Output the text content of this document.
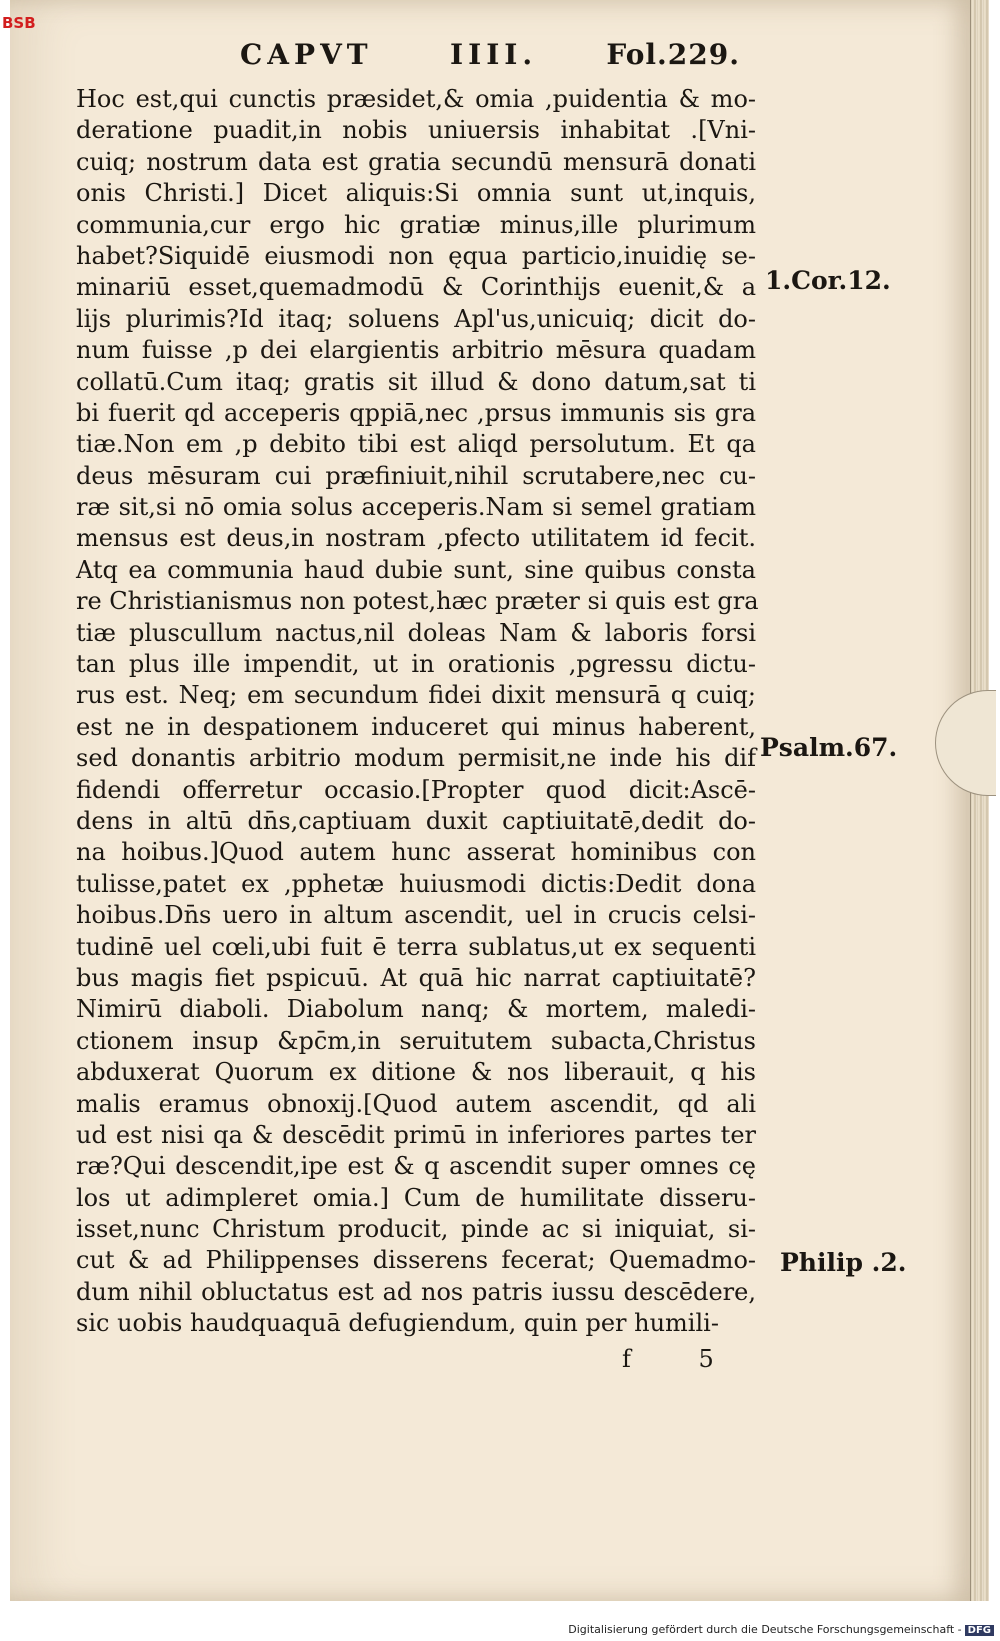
BSB
CAPVT	IIII. Fol.229.
Hoc est,qui cunctis præsidet,& omia ,puidentia & mo-
deratione puadit,in nobis uniuersis inhabitat .[Vni-
cuiq; nostrum data est gratia secundū mensurā donati
onis Christi.] Dicet aliquis:Si omnia sunt ut,inquis,
communia,cur ergo hic gratiæ minus,ille plurimum
habet?Siquidē eiusmodi non ęqua particio,inuidię se-
minariū esset,quemadmodū & Corinthijs euenit,& a
lijs plurimis?Id itaq; soluens Apl'us,unicuiq; dicit do-
num fuisse ,p dei elargientis arbitrio mēsura quadam
collatū.Cum itaq; gratis sit illud & dono datum,sat ti
bi fuerit qd acceperis qppiā,nec ,prsus immunis sis gra
tiæ.Non em ,p debito tibi est aliqd persolutum. Et qa
deus mēsuram cui præfiniuit,nihil scrutabere,nec cu-
ræ sit,si nō omia solus acceperis.Nam si semel gratiam
mensus est deus,in nostram ,pfecto utilitatem id fecit.
Atq ea communia haud dubie sunt, sine quibus consta
re Christianismus non potest,hæc præter si quis est gra
tiæ pluscullum nactus,nil doleas Nam & laboris forsi
tan plus ille impendit, ut in orationis ,pgressu dictu-
rus est. Neq; em secundum fidei dixit mensurā q cuiq;
est ne in despationem induceret qui minus haberent,
sed donantis arbitrio modum permisit,ne inde his dif
fidendi offerretur occasio.[Propter quod dicit:Ascē-
dens in altū dn̄s,captiuam duxit captiuitatē,dedit do-
na hoibus.]Quod autem hunc asserat hominibus con
tulisse,patet ex ,pphetæ huiusmodi dictis:Dedit dona
hoibus.Dn̄s uero in altum ascendit, uel in crucis celsi-
tudinē uel cœli,ubi fuit ē terra sublatus,ut ex sequenti
bus magis fiet pspicuū. At quā hic narrat captiuitatē?
Nimirū diaboli. Diabolum nanq; & mortem, maledi-
ctionem insup &pc̄m,in seruitutem subacta,Christus
abduxerat Quorum ex ditione & nos liberauit, q his
malis eramus obnoxij.[Quod autem ascendit, qd ali
ud est nisi qa & descēdit primū in inferiores partes ter
ræ?Qui descendit,ipe est & q ascendit super omnes cę
los ut adimpleret omia.] Cum de humilitate disseru-
isset,nunc Christum producit, pinde ac si iniquiat, si-
cut & ad Philippenses disserens fecerat; Quemadmo-
dum nihil obluctatus est ad nos patris iussu descēdere,
sic uobis haudquaquā defugiendum, quin per humili-
1.Cor.12.
Psalm.67.
Philip .2.
f 5
Digitalisierung gefördert durch die Deutsche Forschungsgemeinschaft - DFG
